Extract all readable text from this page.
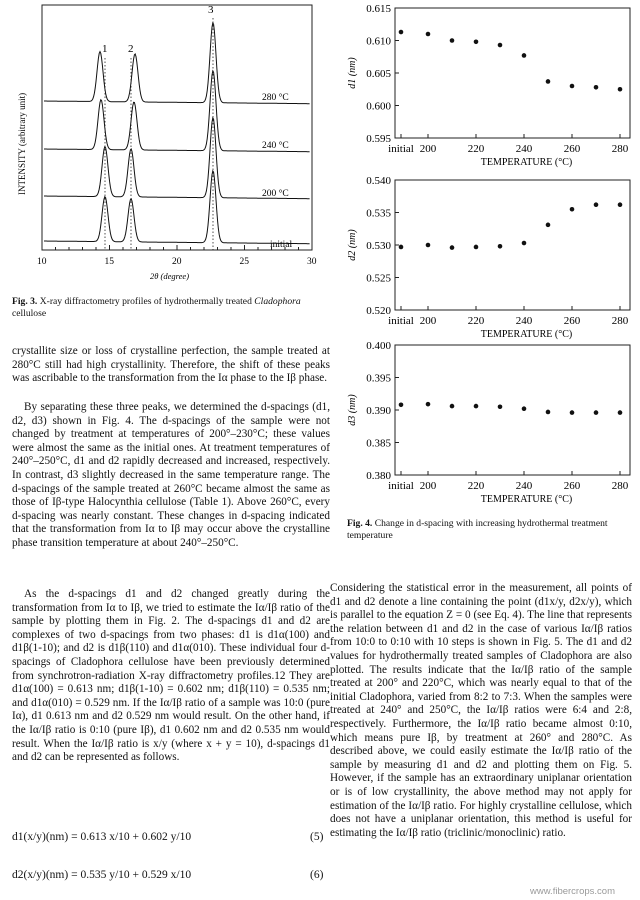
INTENSITY (arbitrary unit)
10	15	20	25	30
2θ (degree)
1 2
3
280 °C
240 °C
200 °C
initial
Fig. 3. X-ray diffractometry profiles of hydrothermally treated Cladophora cellulose
crystallite size or loss of crystalline perfection, the sample treated at 280°C still had high crystallinity. Therefore, the shift of these peaks was ascribable to the transformation from the Iα phase to the Iβ phase.
By separating these three peaks, we determined the d-spacings (d1, d2, d3) shown in Fig. 4. The d-spacings of the sample were not changed by treatment at temperatures of 200°–230°C; these values were almost the same as the initial ones. At treatment temperatures of 240°–250°C, d1 and d2 rapidly decreased and increased, respectively. In contrast, d3 slightly decreased in the same temperature range. The d-spacings of the sample treated at 260°C became almost the same as those of Iβ-type Halocynthia cellulose (Table 1). Above 260°C, every d-spacing was nearly constant. These changes in d-spacing indicated that the transformation from Iα to Iβ may occur above the crystalline phase transition temperature at about 240°–250°C.
As the d-spacings d1 and d2 changed greatly during the transformation from Iα to Iβ, we tried to estimate the Iα/Iβ ratio of the sample by plotting them in Fig. 2. The d-spacings d1 and d2 are complexes of two d-spacings from two phases: d1 is d1α(100) and d1β(1-10); and d2 is d1β(110) and d1α(010). These individual four d-spacings of Cladophora cellulose have been previously determined from synchrotron-radiation X-ray diffractometry profiles.12 They are d1α(100) = 0.613 nm; d1β(1-10) = 0.602 nm; d1β(110) = 0.535 nm; and d1α(010) = 0.529 nm. If the Iα/Iβ ratio of a sample was 10:0 (pure Iα), d1 0.613 nm and d2 0.529 nm would result. On the other hand, if the Iα/Iβ ratio is 0:10 (pure Iβ), d1 0.602 nm and d2 0.535 nm would result. When the Iα/Iβ ratio is x/y (where x + y = 10), d-spacings d1 and d2 can be represented as follows.
d1(x/y)(nm) = 0.613 x/10 + 0.602 y/10	(5)
d2(x/y)(nm) = 0.535 y/10 + 0.529 x/10	(6)
0.595
0.600
0.605
0.610
0.615
initial 200	220	240	260	280
TEMPERATURE (°C)
d1 (nm)
0.520
0.525
0.530
0.535
0.540
initial 200	220	240	260	280
TEMPERATURE (°C)
d2 (nm)
0.380
0.385
0.390
0.395
0.400
initial 200	220	240	260	280
TEMPERATURE (°C)
d3 (nm)
Fig. 4. Change in d-spacing with increasing hydrothermal treatment temperature
Considering the statistical error in the measurement, all points of d1 and d2 denote a line containing the point (d1x/y, d2x/y), which is parallel to the equation Z = 0 (see Eq. 4). The line that represents the relation between d1 and d2 in the case of various Iα/Iβ ratios from 10:0 to 0:10 with 10 steps is shown in Fig. 5. The d1 and d2 values for hydrothermally treated samples of Cladophora are also plotted. The results indicate that the Iα/Iβ ratio of the sample treated at 200° and 220°C, which was nearly equal to that of the initial Cladophora, varied from 8:2 to 7:3. When the samples were treated at 240° and 250°C, the Iα/Iβ ratios were 6:4 and 2:8, respectively. Furthermore, the Iα/Iβ ratio became almost 0:10, which means pure Iβ, by treatment at 260° and 280°C. As described above, we could easily estimate the Iα/Iβ ratio of the sample by measuring d1 and d2 and plotting them on Fig. 5. However, if the sample has an extraordinary uniplanar orientation or is of low crystallinity, the above method may not apply for estimation of the Iα/Iβ ratio. For highly crystalline cellulose, which does not have a uniplanar orientation, this method is useful for estimating the Iα/Iβ ratio (triclinic/monoclinic) ratio.
www.fibercrops.com
